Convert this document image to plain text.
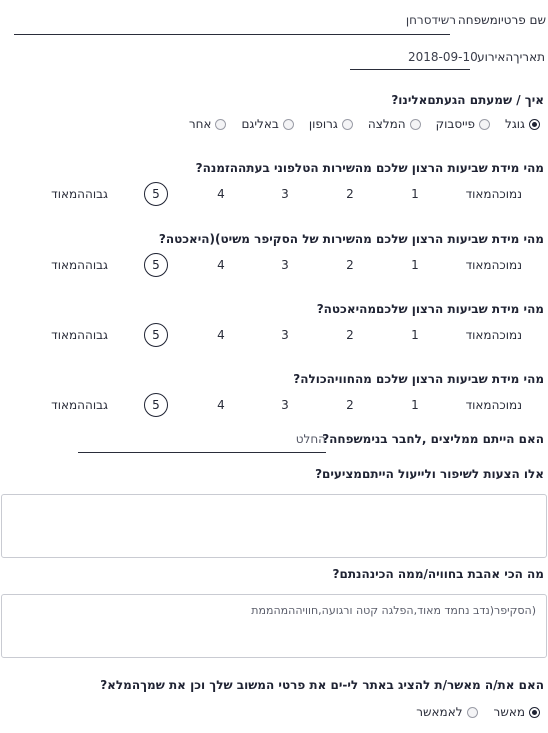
שם פרטיומשפחה
רשידסרחן
תאריךהאירוע
2018-09-10
איך / שמעתם הגעתםאלינו?
גוגל
פייסבוק
המלצה
גרופון
באליגם
אחר
מהי מידת שביעות הרצון שלכם מהשירות הטלפוני בעתההזמנה?
נמוכהמאוד
1
2
3
4
5
גבוההמאוד
מהי מידת שביעות הרצון שלכם מהשירות של הסקיפר משיט)(היאכטה?
נמוכהמאוד
1
2
3
4
5
גבוההמאוד
מהי מידת שביעות הרצון שלכםמהיאכטה?
נמוכהמאוד
1
2
3
4
5
גבוההמאוד
מהי מידת שביעות הרצון שלכם מהחוויהכולה?
נמוכהמאוד
1
2
3
4
5
גבוההמאוד
האם הייתם ממליצים ,לחבר בנימשפחה?
החלט
אלו הצעות לשיפור ולייעול הייתםמציעים?
מה הכי אהבת בחוויה/ממה הכינהנתם?
(הסקיפר(נדב נחמד מאוד,הפלגה קטה ורגועה,חוויההמהממת
האם את/ה מאשר/ת להציג באתר לי-ים את פרטי המשוב שלך וכן את שמךהמלא?
מאשר
לאמאשר
